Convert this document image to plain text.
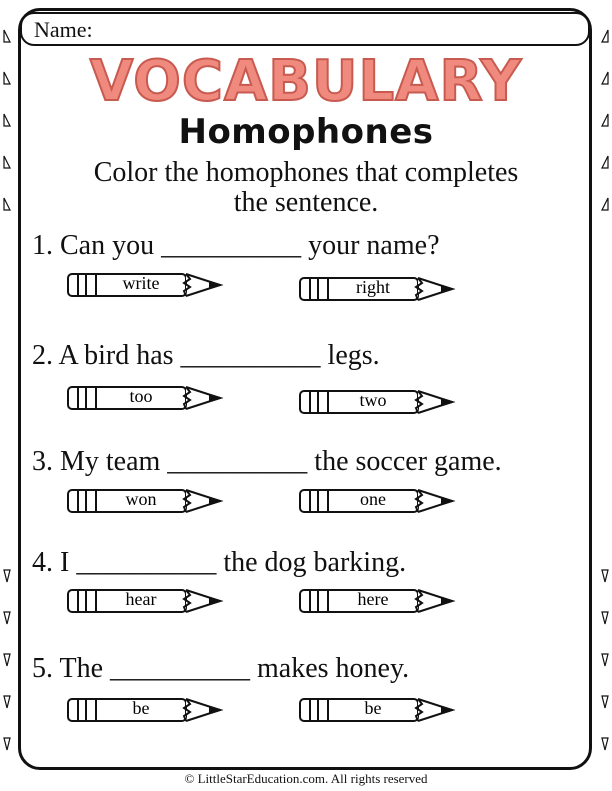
Name:
VOCABULARY
Homophones
Color the homophones that completes
the sentence.
1. Can you __________ your name?
2. A bird has __________ legs.
3. My team __________ the soccer game.
4. I __________ the dog barking.
5. The __________ makes honey.
write
too
won
hear
be
right
two
one
here
be
© LittleStarEducation.com. All rights reserved
